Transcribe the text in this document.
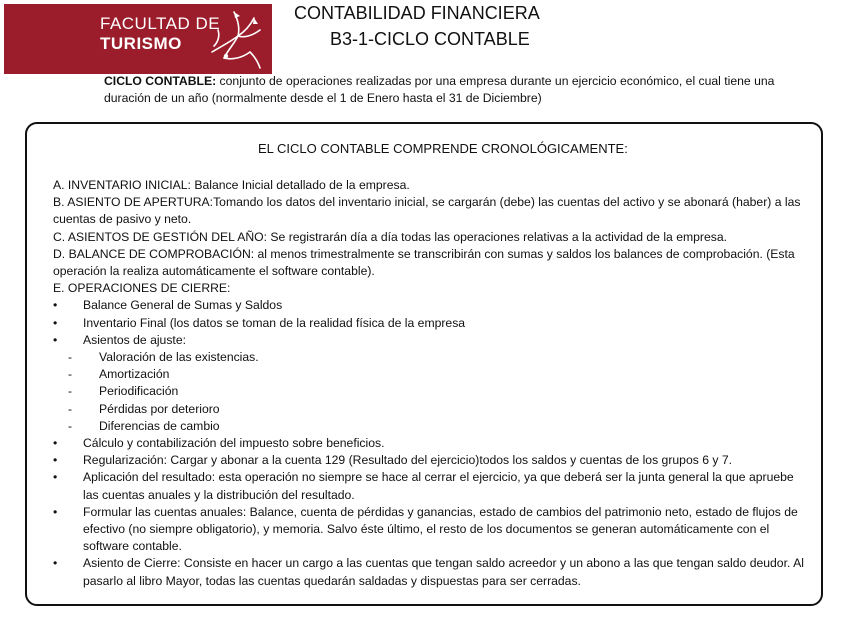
FACULTAD DE
TURISMO
CONTABILIDAD FINANCIERA
B3-1-CICLO CONTABLE
CICLO CONTABLE: conjunto de operaciones realizadas por una empresa durante un ejercicio económico, el cual tiene una duración de un año (normalmente desde el 1 de Enero hasta el 31 de Diciembre)
EL CICLO CONTABLE COMPRENDE CRONOLÓGICAMENTE:

A. INVENTARIO INICIAL: Balance Inicial detallado de la empresa.

B. ASIENTO DE APERTURA:Tomando los datos del inventario inicial, se cargarán (debe) las cuentas del activo y se abonará (haber) a las cuentas de pasivo y neto.

C. ASIENTOS DE GESTIÓN DEL AÑO: Se registrarán día a día todas las operaciones relativas a la actividad de la empresa.

D. BALANCE DE COMPROBACIÓN: al menos trimestralmente se transcribirán con sumas y saldos los balances de comprobación. (Esta operación la realiza automáticamente el software contable).

E. OPERACIONES DE CIERRE:

•	Balance General de Sumas y Saldos

•	Inventario Final (los datos se toman de la realidad física de la empresa

•	Asientos de ajuste:

- Valoración de las existencias.

- Amortización

- Periodificación

- Pérdidas por deterioro

- Diferencias de cambio

•	Cálculo y contabilización del impuesto sobre beneficios.

•	Regularización: Cargar y abonar a la cuenta 129 (Resultado del ejercicio)todos los saldos y cuentas de los grupos 6 y 7.

•	Aplicación del resultado: esta operación no siempre se hace al cerrar el ejercicio, ya que deberá ser la junta general la que apruebe las cuentas anuales y la distribución del resultado.

•	Formular las cuentas anuales: Balance, cuenta de pérdidas y ganancias, estado de cambios del patrimonio neto, estado de flujos de efectivo (no siempre obligatorio), y memoria. Salvo éste último, el resto de los documentos se generan automáticamente con el software contable.

•	Asiento de Cierre: Consiste en hacer un cargo a las cuentas que tengan saldo acreedor y un abono a las que tengan saldo deudor. Al pasarlo al libro Mayor, todas las cuentas quedarán saldadas y dispuestas para ser cerradas.
